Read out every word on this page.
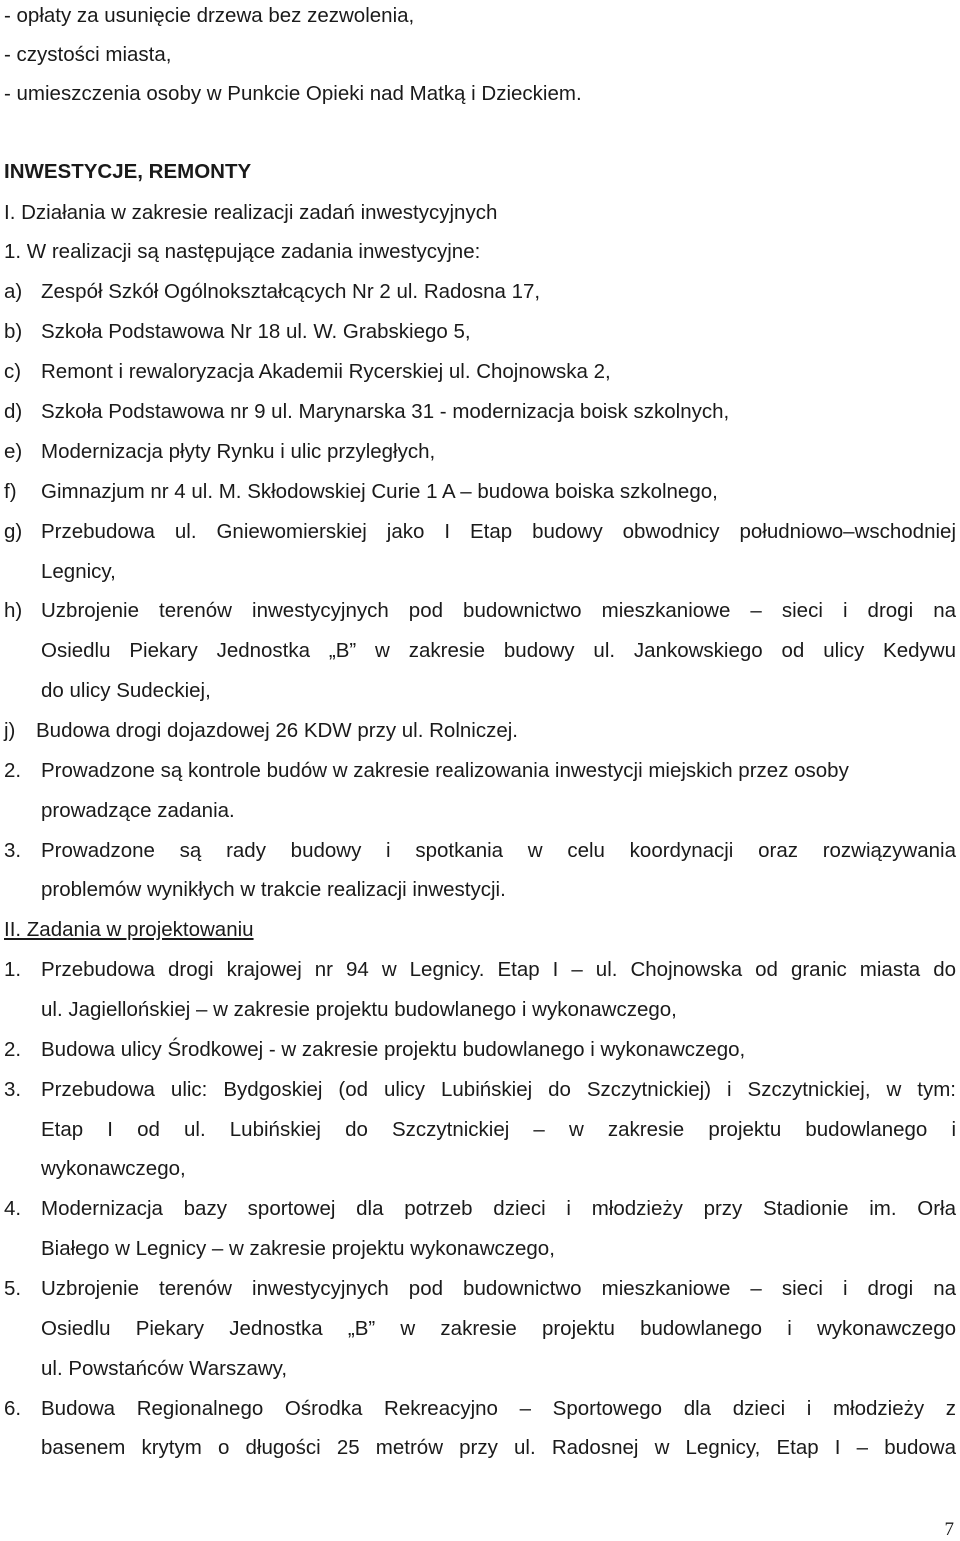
- opłaty za usunięcie drzewa bez zezwolenia,
- czystości miasta,
- umieszczenia osoby w Punkcie Opieki nad Matką i Dzieckiem.
INWESTYCJE, REMONTY
I. Działania w zakresie realizacji zadań inwestycyjnych
1. W realizacji są następujące zadania inwestycyjne:
a) Zespół Szkół Ogólnokształcących Nr 2 ul. Radosna 17,
b) Szkoła Podstawowa Nr 18 ul. W. Grabskiego 5,
c) Remont i rewaloryzacja Akademii Rycerskiej ul. Chojnowska 2,
d) Szkoła Podstawowa nr 9 ul. Marynarska 31 - modernizacja boisk szkolnych,
e) Modernizacja płyty Rynku i ulic przyległych,
f) Gimnazjum nr 4 ul. M. Skłodowskiej Curie 1 A – budowa boiska szkolnego,
g) Przebudowa ul. Gniewomierskiej jako I Etap budowy obwodnicy południowo–wschodniej
Legnicy,
h) Uzbrojenie terenów inwestycyjnych pod budownictwo mieszkaniowe – sieci i drogi na
Osiedlu Piekary Jednostka „B” w zakresie budowy ul. Jankowskiego od ulicy Kedywu
do ulicy Sudeckiej,
j) Budowa drogi dojazdowej 26 KDW przy ul. Rolniczej.
2. Prowadzone są kontrole budów w zakresie realizowania inwestycji miejskich przez osoby
prowadzące zadania.
3. Prowadzone są rady budowy i spotkania w celu koordynacji oraz rozwiązywania
problemów wynikłych w trakcie realizacji inwestycji.
II. Zadania w projektowaniu
1. Przebudowa drogi krajowej nr 94 w Legnicy. Etap I – ul. Chojnowska od granic miasta do
ul. Jagiellońskiej – w zakresie projektu budowlanego i wykonawczego,
2. Budowa ulicy Środkowej - w zakresie projektu budowlanego i wykonawczego,
3. Przebudowa ulic: Bydgoskiej (od ulicy Lubińskiej do Szczytnickiej) i Szczytnickiej, w tym:
Etap I od ul. Lubińskiej do Szczytnickiej – w zakresie projektu budowlanego i
wykonawczego,
4. Modernizacja bazy sportowej dla potrzeb dzieci i młodzieży przy Stadionie im. Orła
Białego w Legnicy – w zakresie projektu wykonawczego,
5. Uzbrojenie terenów inwestycyjnych pod budownictwo mieszkaniowe – sieci i drogi na
Osiedlu Piekary Jednostka „B” w zakresie projektu budowlanego i wykonawczego
ul. Powstańców Warszawy,
6. Budowa Regionalnego Ośrodka Rekreacyjno – Sportowego dla dzieci i młodzieży z
basenem krytym o długości 25 metrów przy ul. Radosnej w Legnicy, Etap I – budowa
7
